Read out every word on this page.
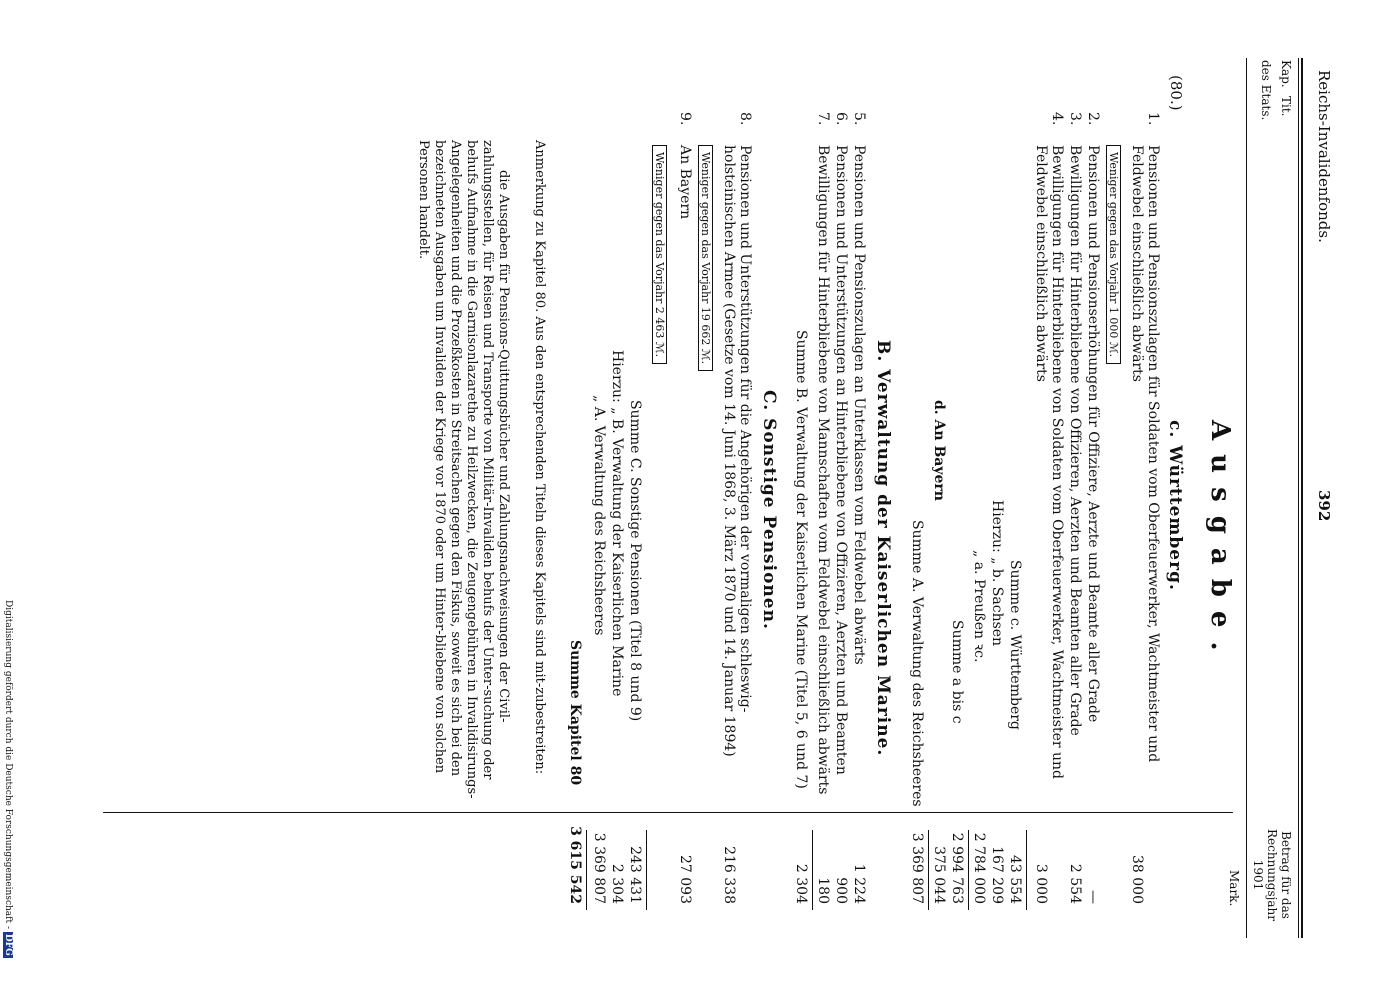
Reichs-Invalidenfonds.
392
Kap.
Tit.
des Etats.
Betrag für das Rechnungsjahr 1901
Mark.
(80.)
Ausgabe.
c. Württemberg.
1.
Pensionen und Pensionszulagen für Soldaten vom Oberfeuerwerker, Wachtmeister und Feldwebel einschließlich abwärts
38 000
Weniger gegen das Vorjahr 1 000 ℳ.
2.
Pensionen und Pensionserhöhungen für Offiziere, Aerzte und Beamte aller Grade
—
3.
Bewilligungen für Hinterbliebene von Offizieren, Aerzten und Beamten aller Grade
2 554
4.
Bewilligungen für Hinterbliebene von Soldaten vom Oberfeuerwerker, Wachtmeister und Feldwebel einschließlich abwärts
3 000
Summe c. Württemberg
43 554
Hierzu: „ b. Sachsen
167 209
„ a. Preußen ꝛc.
2 784 000
Summe a bis c
2 994 763
d. An Bayern
375 044
Summe A. Verwaltung des Reichsheeres
3 369 807
B. Verwaltung der Kaiserlichen Marine.
5.
Pensionen und Pensionszulagen an Unterklassen vom Feldwebel abwärts
1 224
6.
Pensionen und Unterstützungen an Hinterbliebene von Offizieren, Aerzten und Beamten
900
7.
Bewilligungen für Hinterbliebene von Mannschaften vom Feldwebel einschließlich abwärts
180
Summe B. Verwaltung der Kaiserlichen Marine (Titel 5, 6 und 7)
2 304
C. Sonstige Pensionen.
8.
Pensionen und Unterstützungen für die Angehörigen der vormaligen schleswig-holsteinischen Armee (Gesetze vom 14. Juni 1868, 3. März 1870 und 14. Januar 1894)
216 338
Weniger gegen das Vorjahr 19 662 ℳ.
9.
An Bayern
27 093
Weniger gegen das Vorjahr 2 463 ℳ.
Summe C. Sonstige Pensionen (Titel 8 und 9)
243 431
Hierzu: „ B. Verwaltung der Kaiserlichen Marine
2 304
„ A. Verwaltung des Reichsheeres
3 369 807
Summe Kapitel 80
3 615 542
Anmerkung zu Kapitel 80. Aus den entsprechenden Titeln dieses Kapitels sind mit-zubestreiten:
die Ausgaben für Pensions-Quittungsbücher und Zahlungsnachweisungen der Civil-zahlungsstellen, für Reisen und Transporte von Militär-Invaliden behufs der Unter-suchung oder behufs Aufnahme in die Garnisonlazarethe zu Heilzwecken, die Zeugengebühren in Invalidisirungs-Angelegenheiten und die Prozeßkosten in Streitsachen gegen den Fiskus, soweit es sich bei den bezeichneten Ausgaben um Invaliden der Kriege vor 1870 oder um Hinter-bliebene von solchen Personen handelt.
Digitalisierung gefördert durch die Deutsche Forschungsgemeinschaft - DFG
